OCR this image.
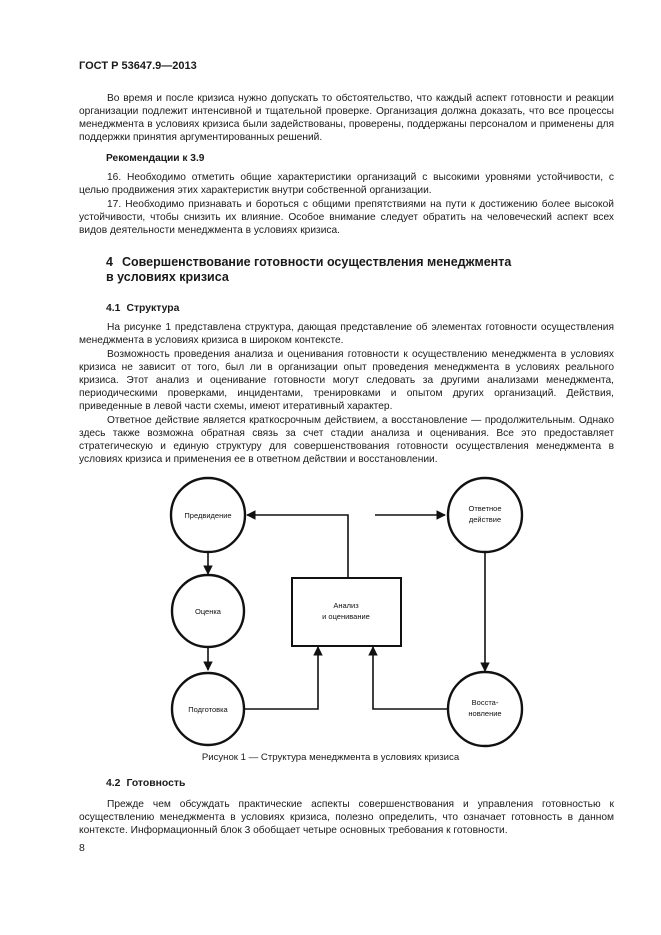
ГОСТ Р 53647.9—2013

Во время и после кризиса нужно допускать то обстоятельство, что каждый аспект готовности и реакции организации подлежит интенсивной и тщательной проверке. Организация должна доказать, что все процессы менеджмента в условиях кризиса были задействованы, проверены, поддержаны персоналом и применены для поддержки принятия аргументированных решений.

Рекомендации к 3.9

16. Необходимо отметить общие характеристики организаций с высокими уровнями устойчивости, с целью продвижения этих характеристик внутри собственной организации.

17. Необходимо признавать и бороться с общими препятствиями на пути к достижению более высокой устойчивости, чтобы снизить их влияние. Особое внимание следует обратить на человеческий аспект всех видов деятельности менеджмента в условиях кризиса.

4 Совершенствование готовности осуществления менеджмента
в условиях кризиса
4.1 Структура

На рисунке 1 представлена структура, дающая представление об элементах готовности осуществления менеджмента в условиях кризиса в широком контексте.

Возможность проведения анализа и оценивания готовности к осуществлению менеджмента в условиях кризиса не зависит от того, был ли в организации опыт проведения менеджмента в условиях реального кризиса. Этот анализ и оценивание готовности могут следовать за другими анализами менеджмента, периодическими проверками, инцидентами, тренировками и опытом других организаций. Действия, приведенные в левой части схемы, имеют итеративный характер.

Ответное действие является краткосрочным действием, а восстановление — продолжительным. Однако здесь также возможна обратная связь за счет стадии анализа и оценивания. Все это предоставляет стратегическую и единую структуру для совершенствования готовности осуществления менеджмента в условиях кризиса и применения ее в ответном действии и восстановлении.

Предвидение
Оценка
Подготовка
Ответное
действие
Восста-
новление
Анализ
и оценивание
Рисунок 1 — Структура менеджмента в условиях кризиса
4.2 Готовность

Прежде чем обсуждать практические аспекты совершенствования и управления готовностью к осуществлению менеджмента в условиях кризиса, полезно определить, что означает готовность в данном контексте. Информационный блок 3 обобщает четыре основных требования к готовности.

8
